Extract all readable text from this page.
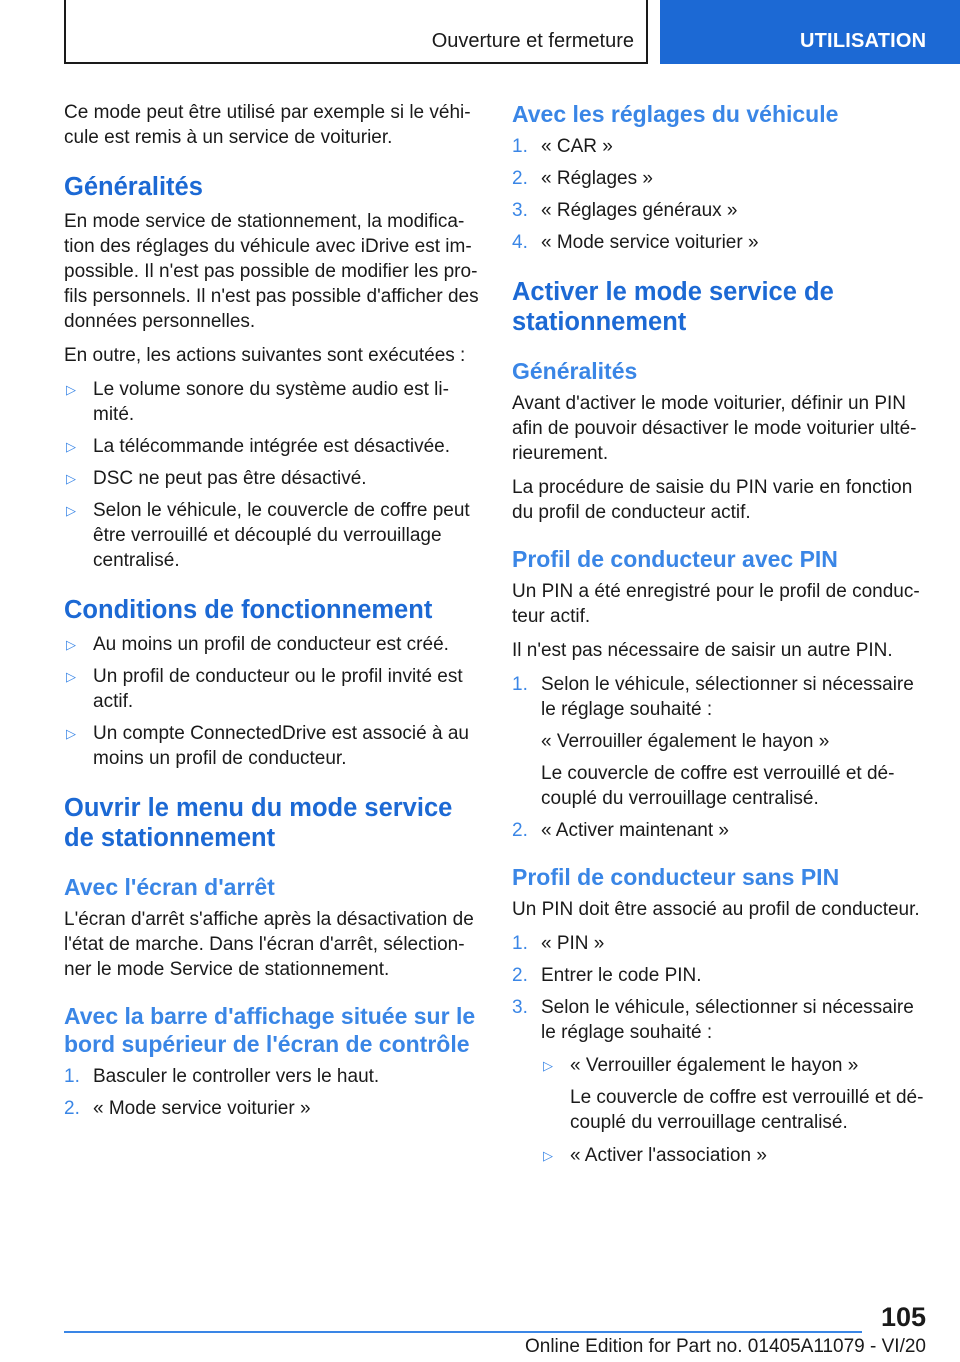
Ouverture et fermeture	UTILISATION

Ce mode peut être utilisé par exemple si le véhicule est remis à un service de voiturier.

Généralités

En mode service de stationnement, la modification des réglages du véhicule avec iDrive est impossible. Il n'est pas possible de modifier les profils personnels. Il n'est pas possible d'afficher des données personnelles.

En outre, les actions suivantes sont exécutées :

▷ Le volume sonore du système audio est limité.
▷ La télécommande intégrée est désactivée.
▷ DSC ne peut pas être désactivé.
▷ Selon le véhicule, le couvercle de coffre peut être verrouillé et découplé du verrouillage centralisé.
Conditions de fonctionnement
▷ Au moins un profil de conducteur est créé.
▷ Un profil de conducteur ou le profil invité est actif.
▷ Un compte ConnectedDrive est associé à au moins un profil de conducteur.
Ouvrir le menu du mode service de stationnement
Avec l'écran d'arrêt

L'écran d'arrêt s'affiche après la désactivation de l'état de marche. Dans l'écran d'arrêt, sélectionner le mode Service de stationnement.

Avec la barre d'affichage située sur le bord supérieur de l'écran de contrôle
1. Basculer le controller vers le haut.
2. « Mode service voiturier »
Avec les réglages du véhicule
1. « CAR »
2. « Réglages »
3. « Réglages généraux »
4. « Mode service voiturier »
Activer le mode service de stationnement
Généralités

Avant d'activer le mode voiturier, définir un PIN afin de pouvoir désactiver le mode voiturier ultérieurement.

La procédure de saisie du PIN varie en fonction du profil de conducteur actif.

Profil de conducteur avec PIN

Un PIN a été enregistré pour le profil de conducteur actif.

Il n'est pas nécessaire de saisir un autre PIN.

1. Selon le véhicule, sélectionner si nécessaire le réglage souhaité :
« Verrouiller également le hayon »
Le couvercle de coffre est verrouillé et découplé du verrouillage centralisé.
2. « Activer maintenant »
Profil de conducteur sans PIN

Un PIN doit être associé au profil de conducteur.

1. « PIN »
2. Entrer le code PIN.
3. Selon le véhicule, sélectionner si nécessaire le réglage souhaité :
▷ « Verrouiller également le hayon »
Le couvercle de coffre est verrouillé et découplé du verrouillage centralisé.
▷ « Activer l'association »
105
Online Edition for Part no. 01405A11079 - VI/20
